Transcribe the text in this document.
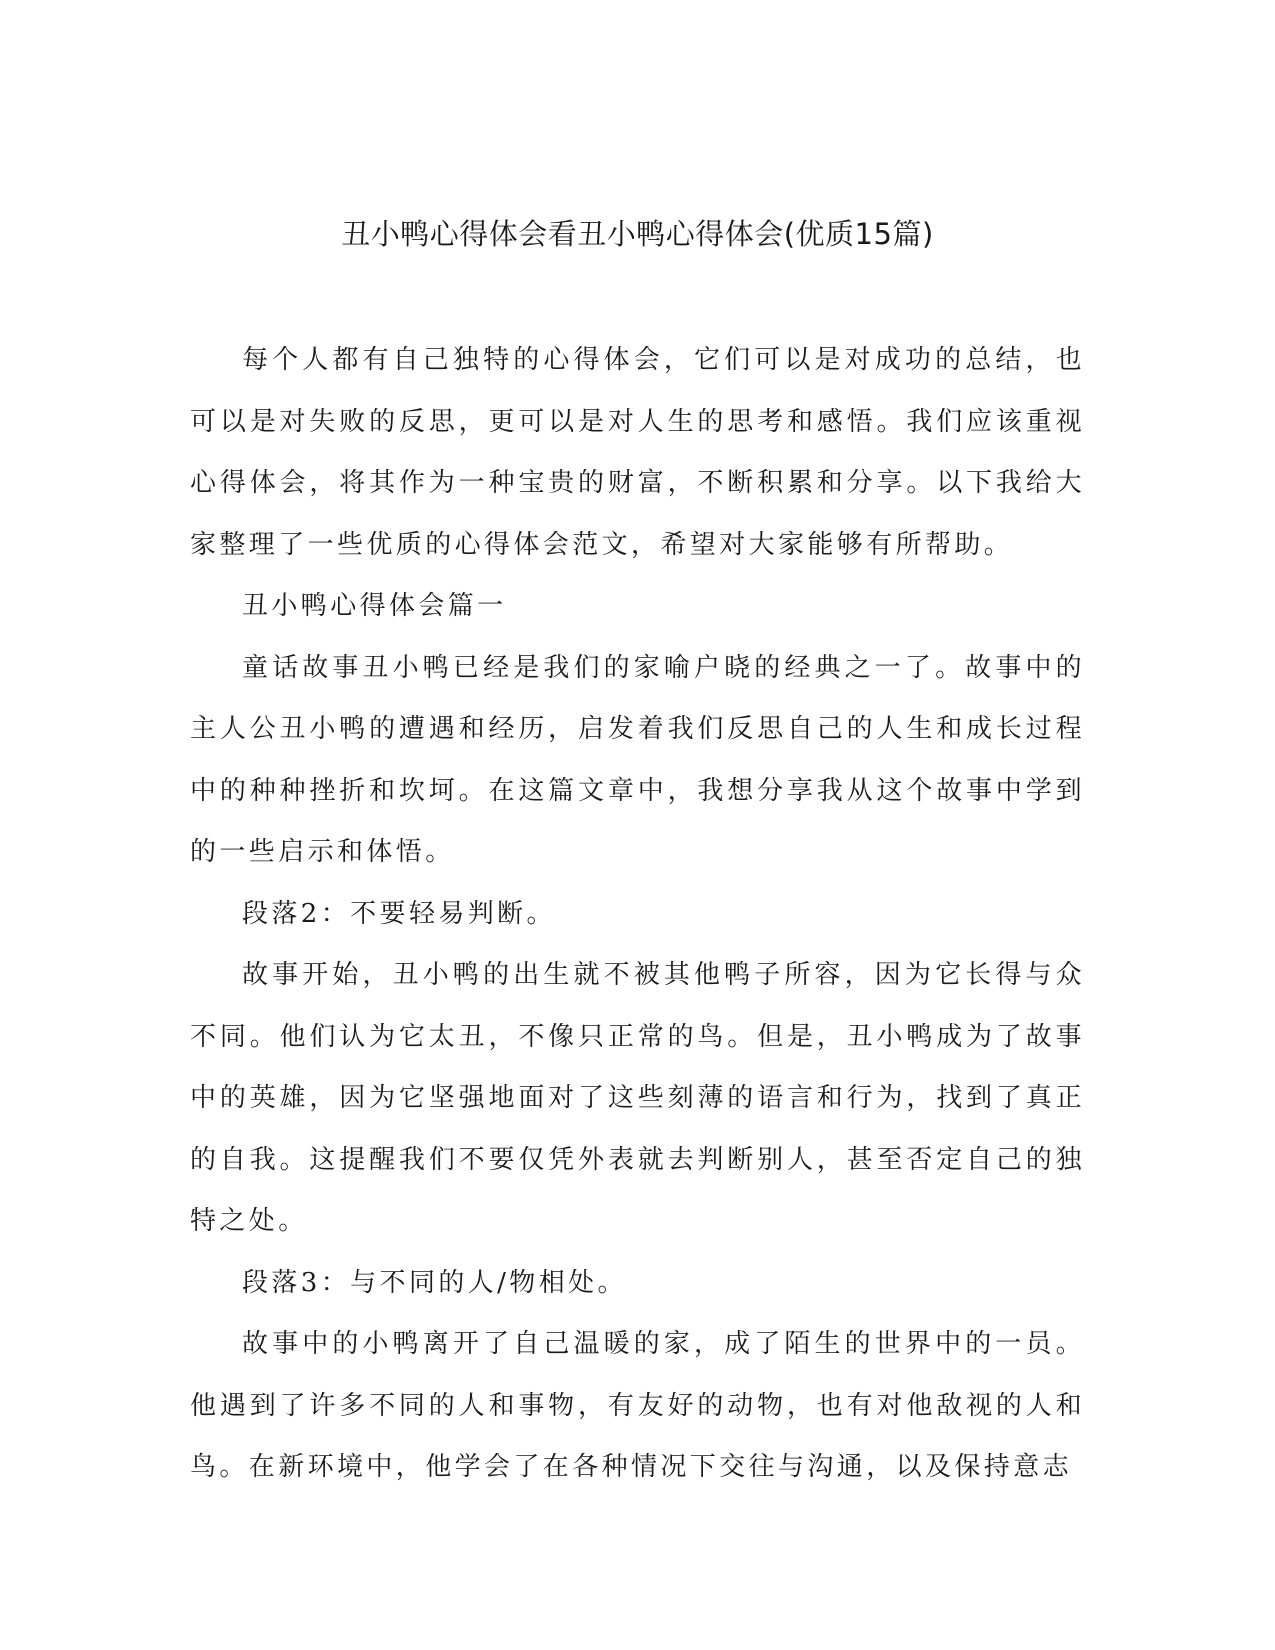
丑小鸭心得体会看丑小鸭心得体会(优质15篇)

每个人都有自己独特的心得体会，它们可以是对成功的总结，也可以是对失败的反思，更可以是对人生的思考和感悟。我们应该重视心得体会，将其作为一种宝贵的财富，不断积累和分享。以下我给大家整理了一些优质的心得体会范文，希望对大家能够有所帮助。

丑小鸭心得体会篇一

童话故事丑小鸭已经是我们的家喻户晓的经典之一了。故事中的主人公丑小鸭的遭遇和经历，启发着我们反思自己的人生和成长过程中的种种挫折和坎坷。在这篇文章中，我想分享我从这个故事中学到的一些启示和体悟。

段落2：不要轻易判断。

故事开始，丑小鸭的出生就不被其他鸭子所容，因为它长得与众不同。他们认为它太丑，不像只正常的鸟。但是，丑小鸭成为了故事中的英雄，因为它坚强地面对了这些刻薄的语言和行为，找到了真正的自我。这提醒我们不要仅凭外表就去判断别人，甚至否定自己的独特之处。

段落3：与不同的人/物相处。

故事中的小鸭离开了自己温暖的家，成了陌生的世界中的一员。他遇到了许多不同的人和事物，有友好的动物，也有对他敌视的人和鸟。在新环境中，他学会了在各种情况下交往与沟通，以及保持意志
